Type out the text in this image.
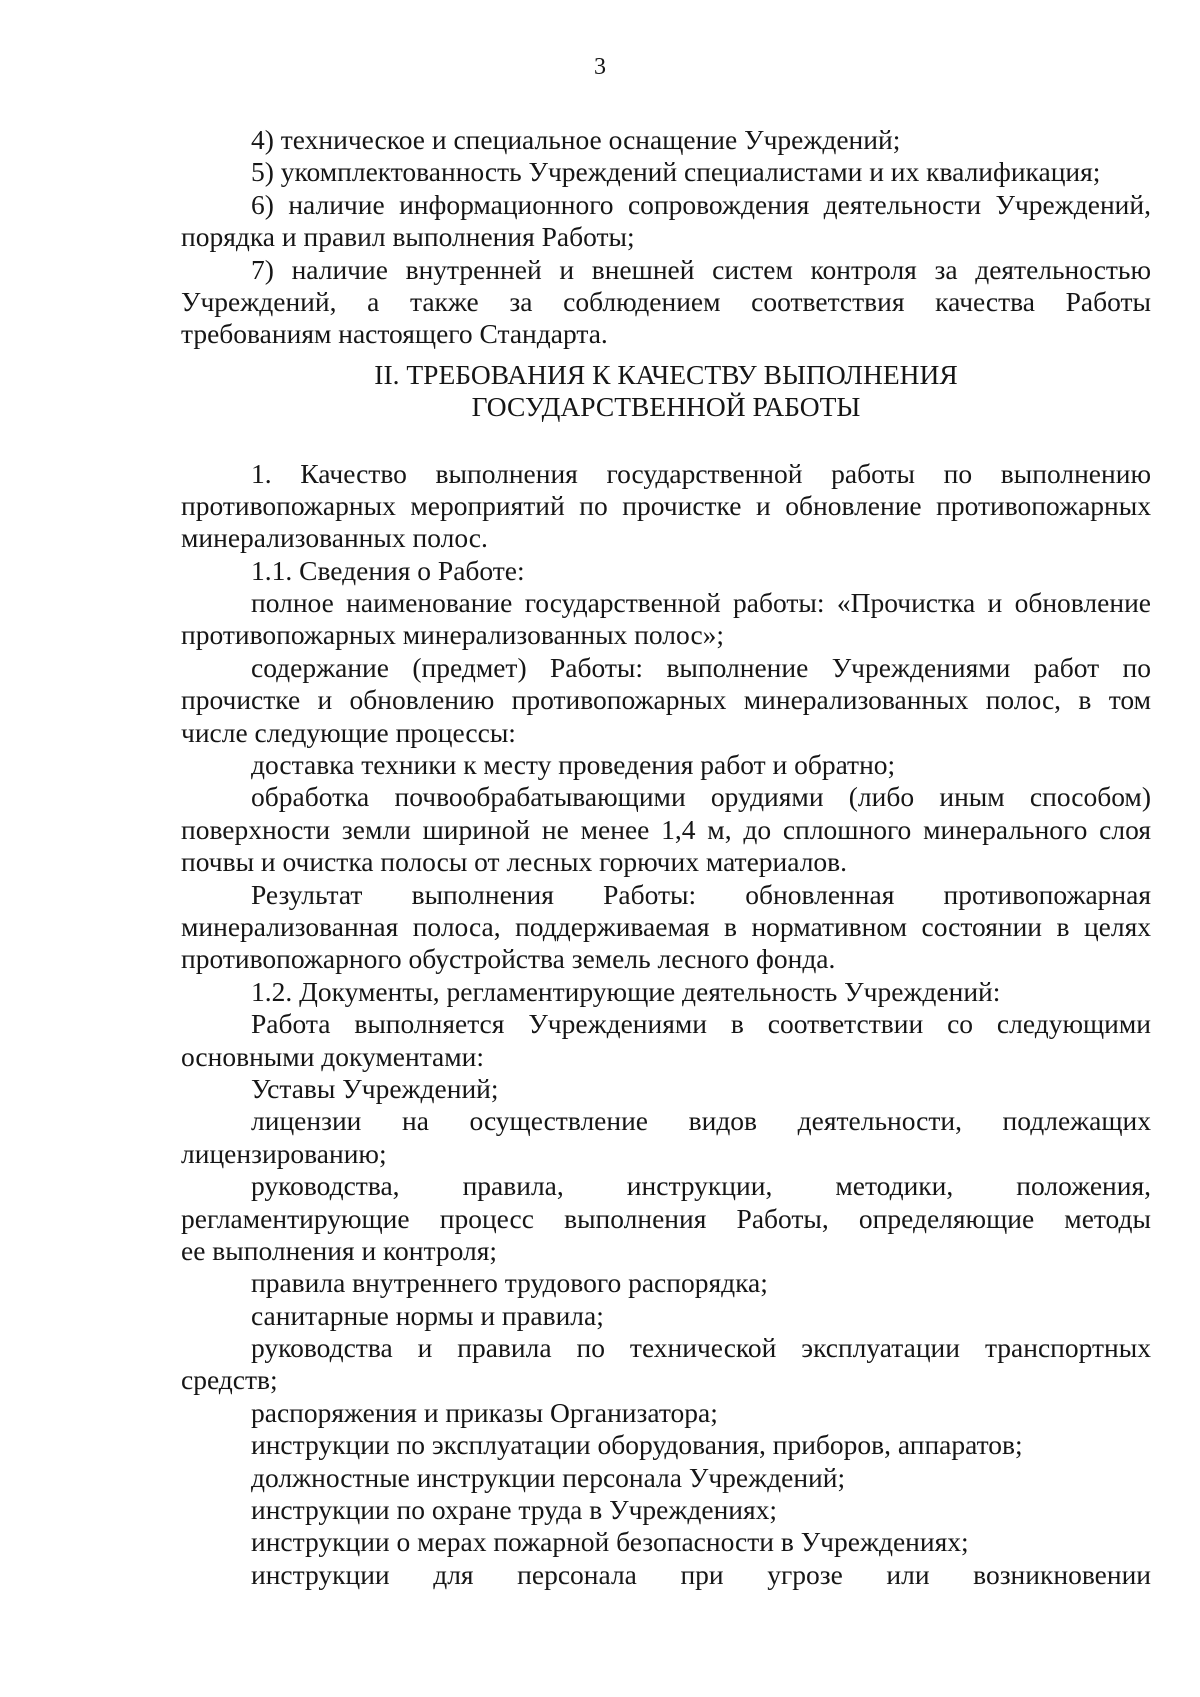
3
4) техническое и специальное оснащение Учреждений;
5) укомплектованность Учреждений специалистами и их квалификация;
6) наличие информационного сопровождения деятельности Учреждений,
порядка и правил выполнения Работы;
7) наличие внутренней и внешней систем контроля за деятельностью
Учреждений, а также за соблюдением соответствия качества Работы
требованиям настоящего Стандарта.
II. ТРЕБОВАНИЯ К КАЧЕСТВУ ВЫПОЛНЕНИЯ
ГОСУДАРСТВЕННОЙ РАБОТЫ
1. Качество выполнения государственной работы по выполнению
противопожарных мероприятий по прочистке и обновление противопожарных
минерализованных полос.
1.1. Сведения о Работе:
полное наименование государственной работы: «Прочистка и обновление
противопожарных минерализованных полос»;
содержание (предмет) Работы: выполнение Учреждениями работ по
прочистке и обновлению противопожарных минерализованных полос, в том
числе следующие процессы:
доставка техники к месту проведения работ и обратно;
обработка почвообрабатывающими орудиями (либо иным способом)
поверхности земли шириной не менее 1,4 м, до сплошного минерального слоя
почвы и очистка полосы от лесных горючих материалов.
Результат выполнения Работы: обновленная противопожарная
минерализованная полоса, поддерживаемая в нормативном состоянии в целях
противопожарного обустройства земель лесного фонда.
1.2. Документы, регламентирующие деятельность Учреждений:
Работа выполняется Учреждениями в соответствии со следующими
основными документами:
Уставы Учреждений;
лицензии на осуществление видов деятельности, подлежащих
лицензированию;
руководства, правила, инструкции, методики, положения,
регламентирующие процесс выполнения Работы, определяющие методы
ее выполнения и контроля;
правила внутреннего трудового распорядка;
санитарные нормы и правила;
руководства и правила по технической эксплуатации транспортных
средств;
распоряжения и приказы Организатора;
инструкции по эксплуатации оборудования, приборов, аппаратов;
должностные инструкции персонала Учреждений;
инструкции по охране труда в Учреждениях;
инструкции о мерах пожарной безопасности в Учреждениях;
инструкции для персонала при угрозе или возникновении
